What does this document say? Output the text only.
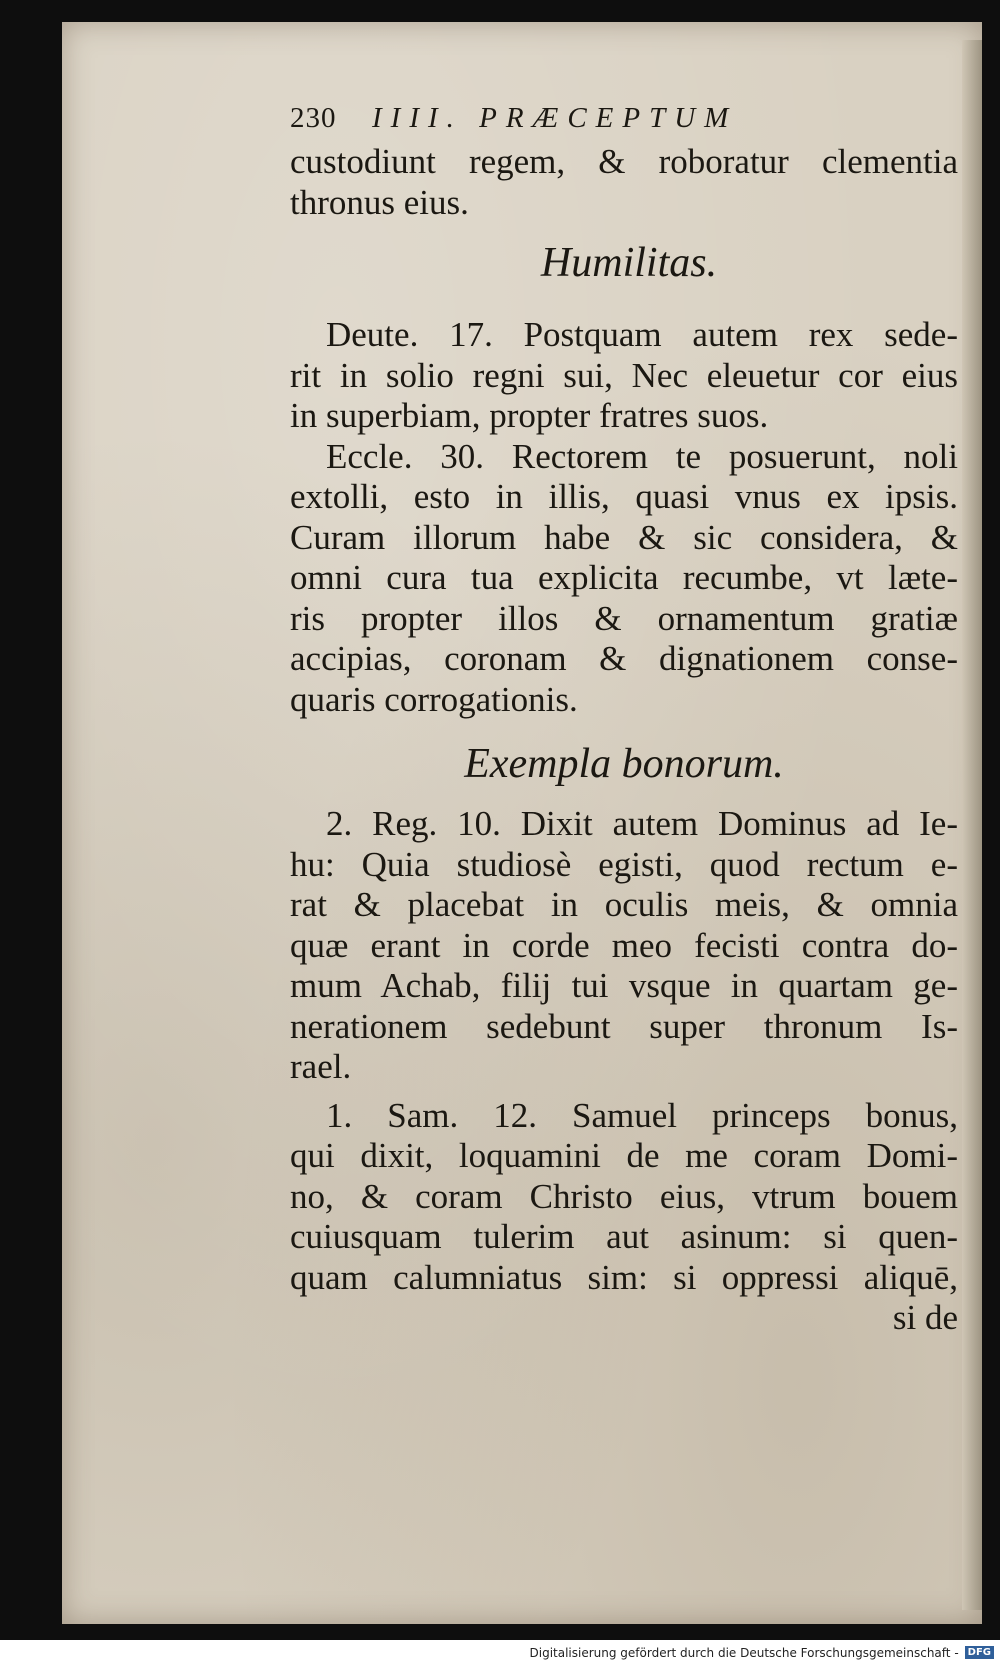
230	IIII. PRÆCEPTUM
custodiunt regem, & roboratur clementia
thronus eius.
Humilitas.
Deute. 17. Postquam autem rex sede-
rit in solio regni sui, Nec eleuetur cor eius
in superbiam, propter fratres suos.
Eccle. 30. Rectorem te posuerunt, noli
extolli, esto in illis, quasi vnus ex ipsis.
Curam illorum habe & sic considera, &
omni cura tua explicita recumbe, vt læte-
ris propter illos & ornamentum gratiæ
accipias, coronam & dignationem conse-
quaris corrogationis.
Exempla bonorum.
2. Reg. 10. Dixit autem Dominus ad Ie-
hu: Quia studiosè egisti, quod rectum e-
rat & placebat in oculis meis, & omnia
quæ erant in corde meo fecisti contra do-
mum Achab, filij tui vsque in quartam ge-
nerationem sedebunt super thronum Is-
rael.
1. Sam. 12. Samuel princeps bonus,
qui dixit, loquamini de me coram Domi-
no, & coram Christo eius, vtrum bouem
cuiusquam tulerim aut asinum: si quen-
quam calumniatus sim: si oppressi aliquē,
si de
Digitalisierung gefördert durch die Deutsche Forschungsgemeinschaft - DFG
